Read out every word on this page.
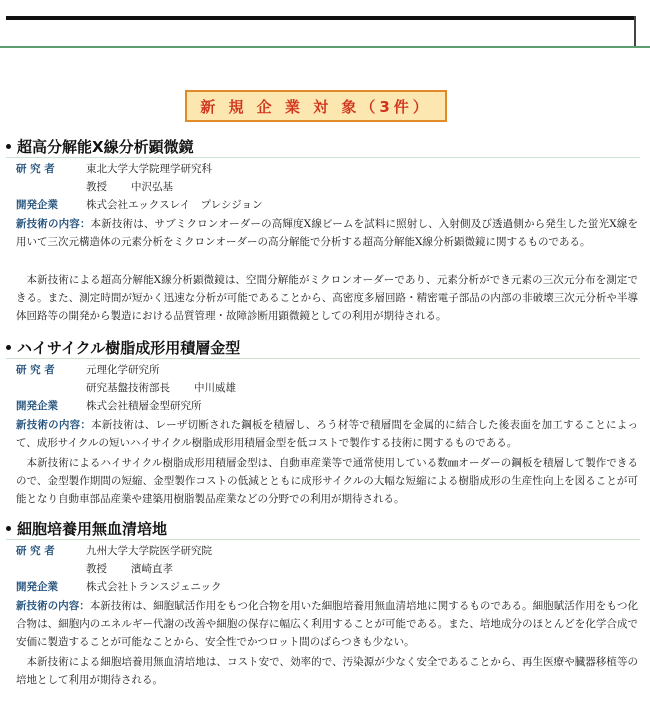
新 規 企 業 対 象（3件）
超高分解能X線分析顕微鏡
研 究 者	東北大学大学院理学研究科
教授 中沢弘基
開発企業	株式会社エックスレイ　プレシジョン
新技術の内容：本新技術は、サブミクロンオーダーの高輝度X線ビームを試料に照射し、入射側及び透過側から発生した蛍光X線を用いて三次元構造体の元素分析をミクロンオーダーの高分解能で分析する超高分解能X線分析顕微鏡に関するものである。
本新技術による超高分解能X線分析顕微鏡は、空間分解能がミクロンオーダーであり、元素分析ができ元素の三次元分布を測定できる。また、測定時間が短かく迅速な分析が可能であることから、高密度多層回路・精密電子部品の内部の非破壊三次元分析や半導体回路等の開発から製造における品質管理・故障診断用顕微鏡としての利用が期待される。
ハイサイクル樹脂成形用積層金型
研 究 者	元理化学研究所
研究基盤技術部長 中川威雄
開発企業	株式会社積層金型研究所
新技術の内容：本新技術は、レーザ切断された鋼板を積層し、ろう材等で積層間を金属的に結合した後表面を加工することによって、成形サイクルの短いハイサイクル樹脂成形用積層金型を低コストで製作する技術に関するものである。
本新技術によるハイサイクル樹脂成形用積層金型は、自動車産業等で通常使用している数㎜オーダーの鋼板を積層して製作できるので、金型製作期間の短縮、金型製作コストの低減とともに成形サイクルの大幅な短縮による樹脂成形の生産性向上を図ることが可能となり自動車部品産業や建築用樹脂製品産業などの分野での利用が期待される。
細胞培養用無血清培地
研 究 者	九州大学大学院医学研究院
教授 濱崎直孝
開発企業	株式会社トランスジェニック
新技術の内容：本新技術は、細胞賦活作用をもつ化合物を用いた細胞培養用無血清培地に関するものである。細胞賦活作用をもつ化合物は、細胞内のエネルギー代謝の改善や細胞の保存に幅広く利用することが可能である。また、培地成分のほとんどを化学合成で安価に製造することが可能なことから、安全性でかつロット間のばらつきも少ない。
本新技術による細胞培養用無血清培地は、コスト安で、効率的で、汚染源が少なく安全であることから、再生医療や臓器移植等の培地として利用が期待される。
